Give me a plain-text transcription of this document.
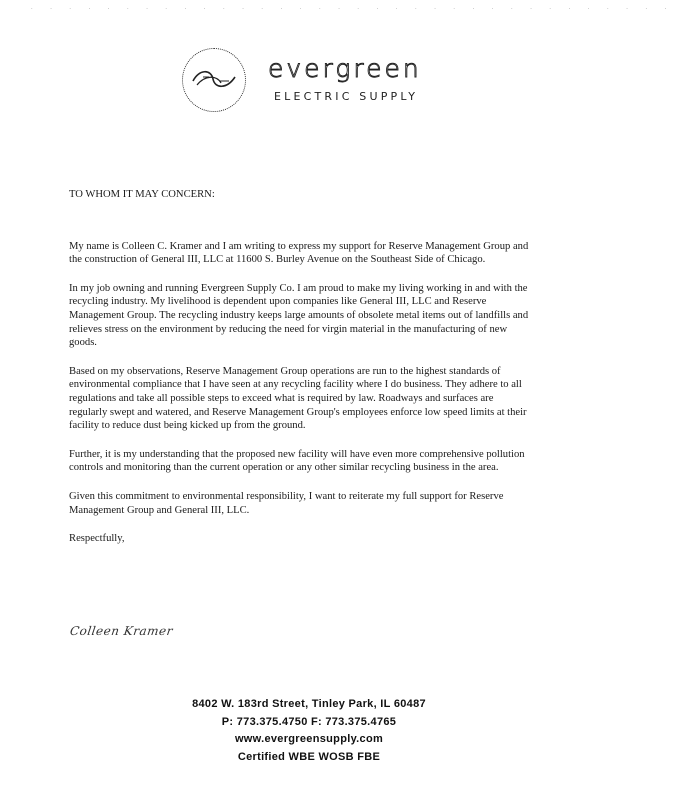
. . . . . . . . . . . . . . . . . . . . . . . . . . . . . . . . . .
evergreen
ELECTRIC SUPPLY

TO WHOM IT MAY CONCERN:

My name is Colleen C. Kramer and I am writing to express my support for Reserve Management Group and the construction of General III, LLC at 11600 S. Burley Avenue on the Southeast Side of Chicago.

In my job owning and running Evergreen Supply Co. I am proud to make my living working in and with the recycling industry. My livelihood is dependent upon companies like General III, LLC and Reserve Management Group. The recycling industry keeps large amounts of obsolete metal items out of landfills and relieves stress on the environment by reducing the need for virgin material in the manufacturing of new goods.

Based on my observations, Reserve Management Group operations are run to the highest standards of environmental compliance that I have seen at any recycling facility where I do business. They adhere to all regulations and take all possible steps to exceed what is required by law. Roadways and surfaces are regularly swept and watered, and Reserve Management Group's employees enforce low speed limits at their facility to reduce dust being kicked up from the ground.

Further, it is my understanding that the proposed new facility will have even more comprehensive pollution controls and monitoring than the current operation or any other similar recycling business in the area.

Given this commitment to environmental responsibility, I want to reiterate my full support for Reserve Management Group and General III, LLC.

Respectfully,

Colleen Kramer
8402 W. 183rd Street, Tinley Park, IL 60487
P: 773.375.4750 F: 773.375.4765
www.evergreensupply.com
Certified WBE WOSB FBE
